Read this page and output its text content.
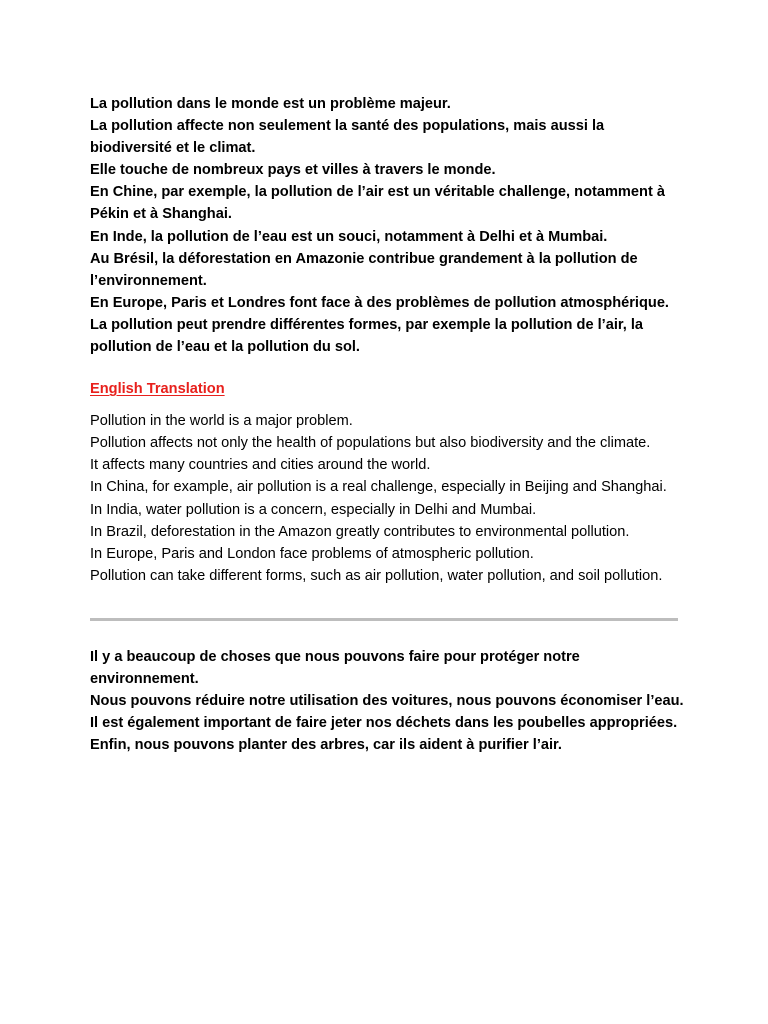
La pollution dans le monde est un problème majeur.

La pollution affecte non seulement la santé des populations, mais aussi la biodiversité et le climat.

Elle touche de nombreux pays et villes à travers le monde.

En Chine, par exemple, la pollution de l’air est un véritable challenge, notamment à Pékin et à Shanghai.

En Inde, la pollution de l’eau est un souci, notamment à Delhi et à Mumbai.

Au Brésil, la déforestation en Amazonie contribue grandement à la pollution de l’environnement.

En Europe, Paris et Londres font face à des problèmes de pollution atmosphérique.

La pollution peut prendre différentes formes, par exemple la pollution de l’air, la pollution de l’eau et la pollution du sol.

English Translation

Pollution in the world is a major problem.

Pollution affects not only the health of populations but also biodiversity and the climate.

It affects many countries and cities around the world.

In China, for example, air pollution is a real challenge, especially in Beijing and Shanghai.

In India, water pollution is a concern, especially in Delhi and Mumbai.

In Brazil, deforestation in the Amazon greatly contributes to environmental pollution.

In Europe, Paris and London face problems of atmospheric pollution.

Pollution can take different forms, such as air pollution, water pollution, and soil pollution.

Il y a beaucoup de choses que nous pouvons faire pour protéger notre environnement.

Nous pouvons réduire notre utilisation des voitures, nous pouvons économiser l’eau.

Il est également important de faire jeter nos déchets dans les poubelles appropriées.

Enfin, nous pouvons planter des arbres, car ils aident à purifier l’air.
